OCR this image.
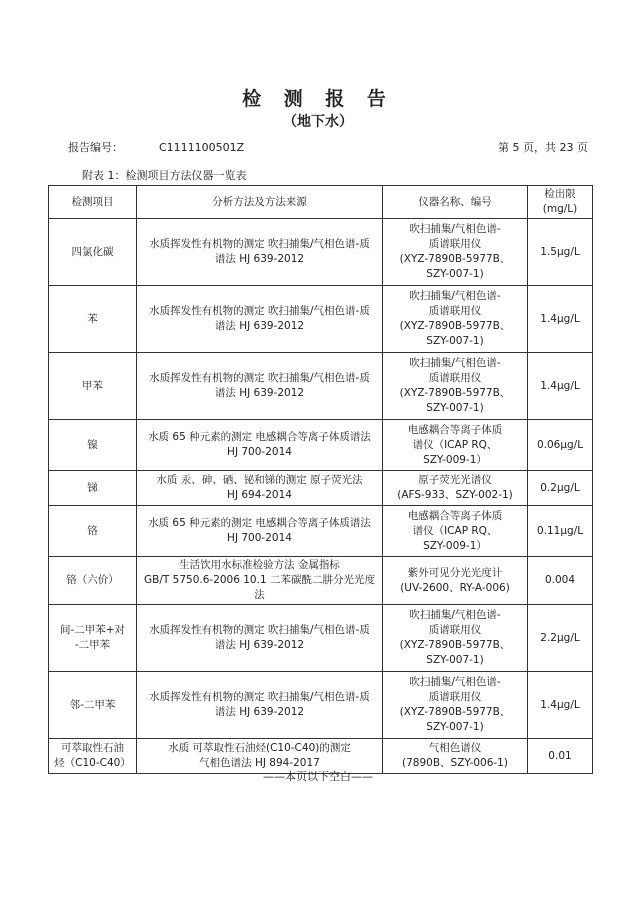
检 测 报 告
（地下水）
报告编号：	C1111100501Z	第 5 页，共 23 页
附表 1：检测项目方法仪器一览表
检测项目	分析方法及方法来源	仪器名称、编号	检出限
(mg/L)
四氯化碳	水质挥发性有机物的测定 吹扫捕集/气相色谱-质
谱法 HJ 639-2012	吹扫捕集/气相色谱-
质谱联用仪
(XYZ-7890B-5977B、
SZY-007-1)	1.5μg/L
苯	水质挥发性有机物的测定 吹扫捕集/气相色谱-质
谱法 HJ 639-2012	吹扫捕集/气相色谱-
质谱联用仪
(XYZ-7890B-5977B、
SZY-007-1)	1.4μg/L
甲苯	水质挥发性有机物的测定 吹扫捕集/气相色谱-质
谱法 HJ 639-2012	吹扫捕集/气相色谱-
质谱联用仪
(XYZ-7890B-5977B、
SZY-007-1)	1.4μg/L
镍	水质 65 种元素的测定 电感耦合等离子体质谱法
HJ 700-2014	电感耦合等离子体质
谱仪（ICAP RQ、
SZY-009-1）	0.06μg/L
锑	水质 汞、砷、硒、铋和锑的测定 原子荧光法
HJ 694-2014	原子荧光光谱仪
(AFS-933、SZY-002-1)	0.2μg/L
铬	水质 65 种元素的测定 电感耦合等离子体质谱法
HJ 700-2014	电感耦合等离子体质
谱仪（ICAP RQ、
SZY-009-1）	0.11μg/L
铬（六价）	生活饮用水标准检验方法 金属指标
GB/T 5750.6-2006 10.1 二苯碳酰二肼分光光度法	紫外可见分光光度计
(UV-2600、RY-A-006)	0.004
间-二甲苯+对
-二甲苯	水质挥发性有机物的测定 吹扫捕集/气相色谱-质
谱法 HJ 639-2012	吹扫捕集/气相色谱-
质谱联用仪
(XYZ-7890B-5977B、
SZY-007-1)	2.2μg/L
邻-二甲苯	水质挥发性有机物的测定 吹扫捕集/气相色谱-质
谱法 HJ 639-2012	吹扫捕集/气相色谱-
质谱联用仪
(XYZ-7890B-5977B、
SZY-007-1)	1.4μg/L
可萃取性石油
烃（C10-C40）	水质 可萃取性石油烃(C10-C40)的测定
气相色谱法 HJ 894-2017	气相色谱仪
(7890B、SZY-006-1)	0.01
——本页以下空白——
